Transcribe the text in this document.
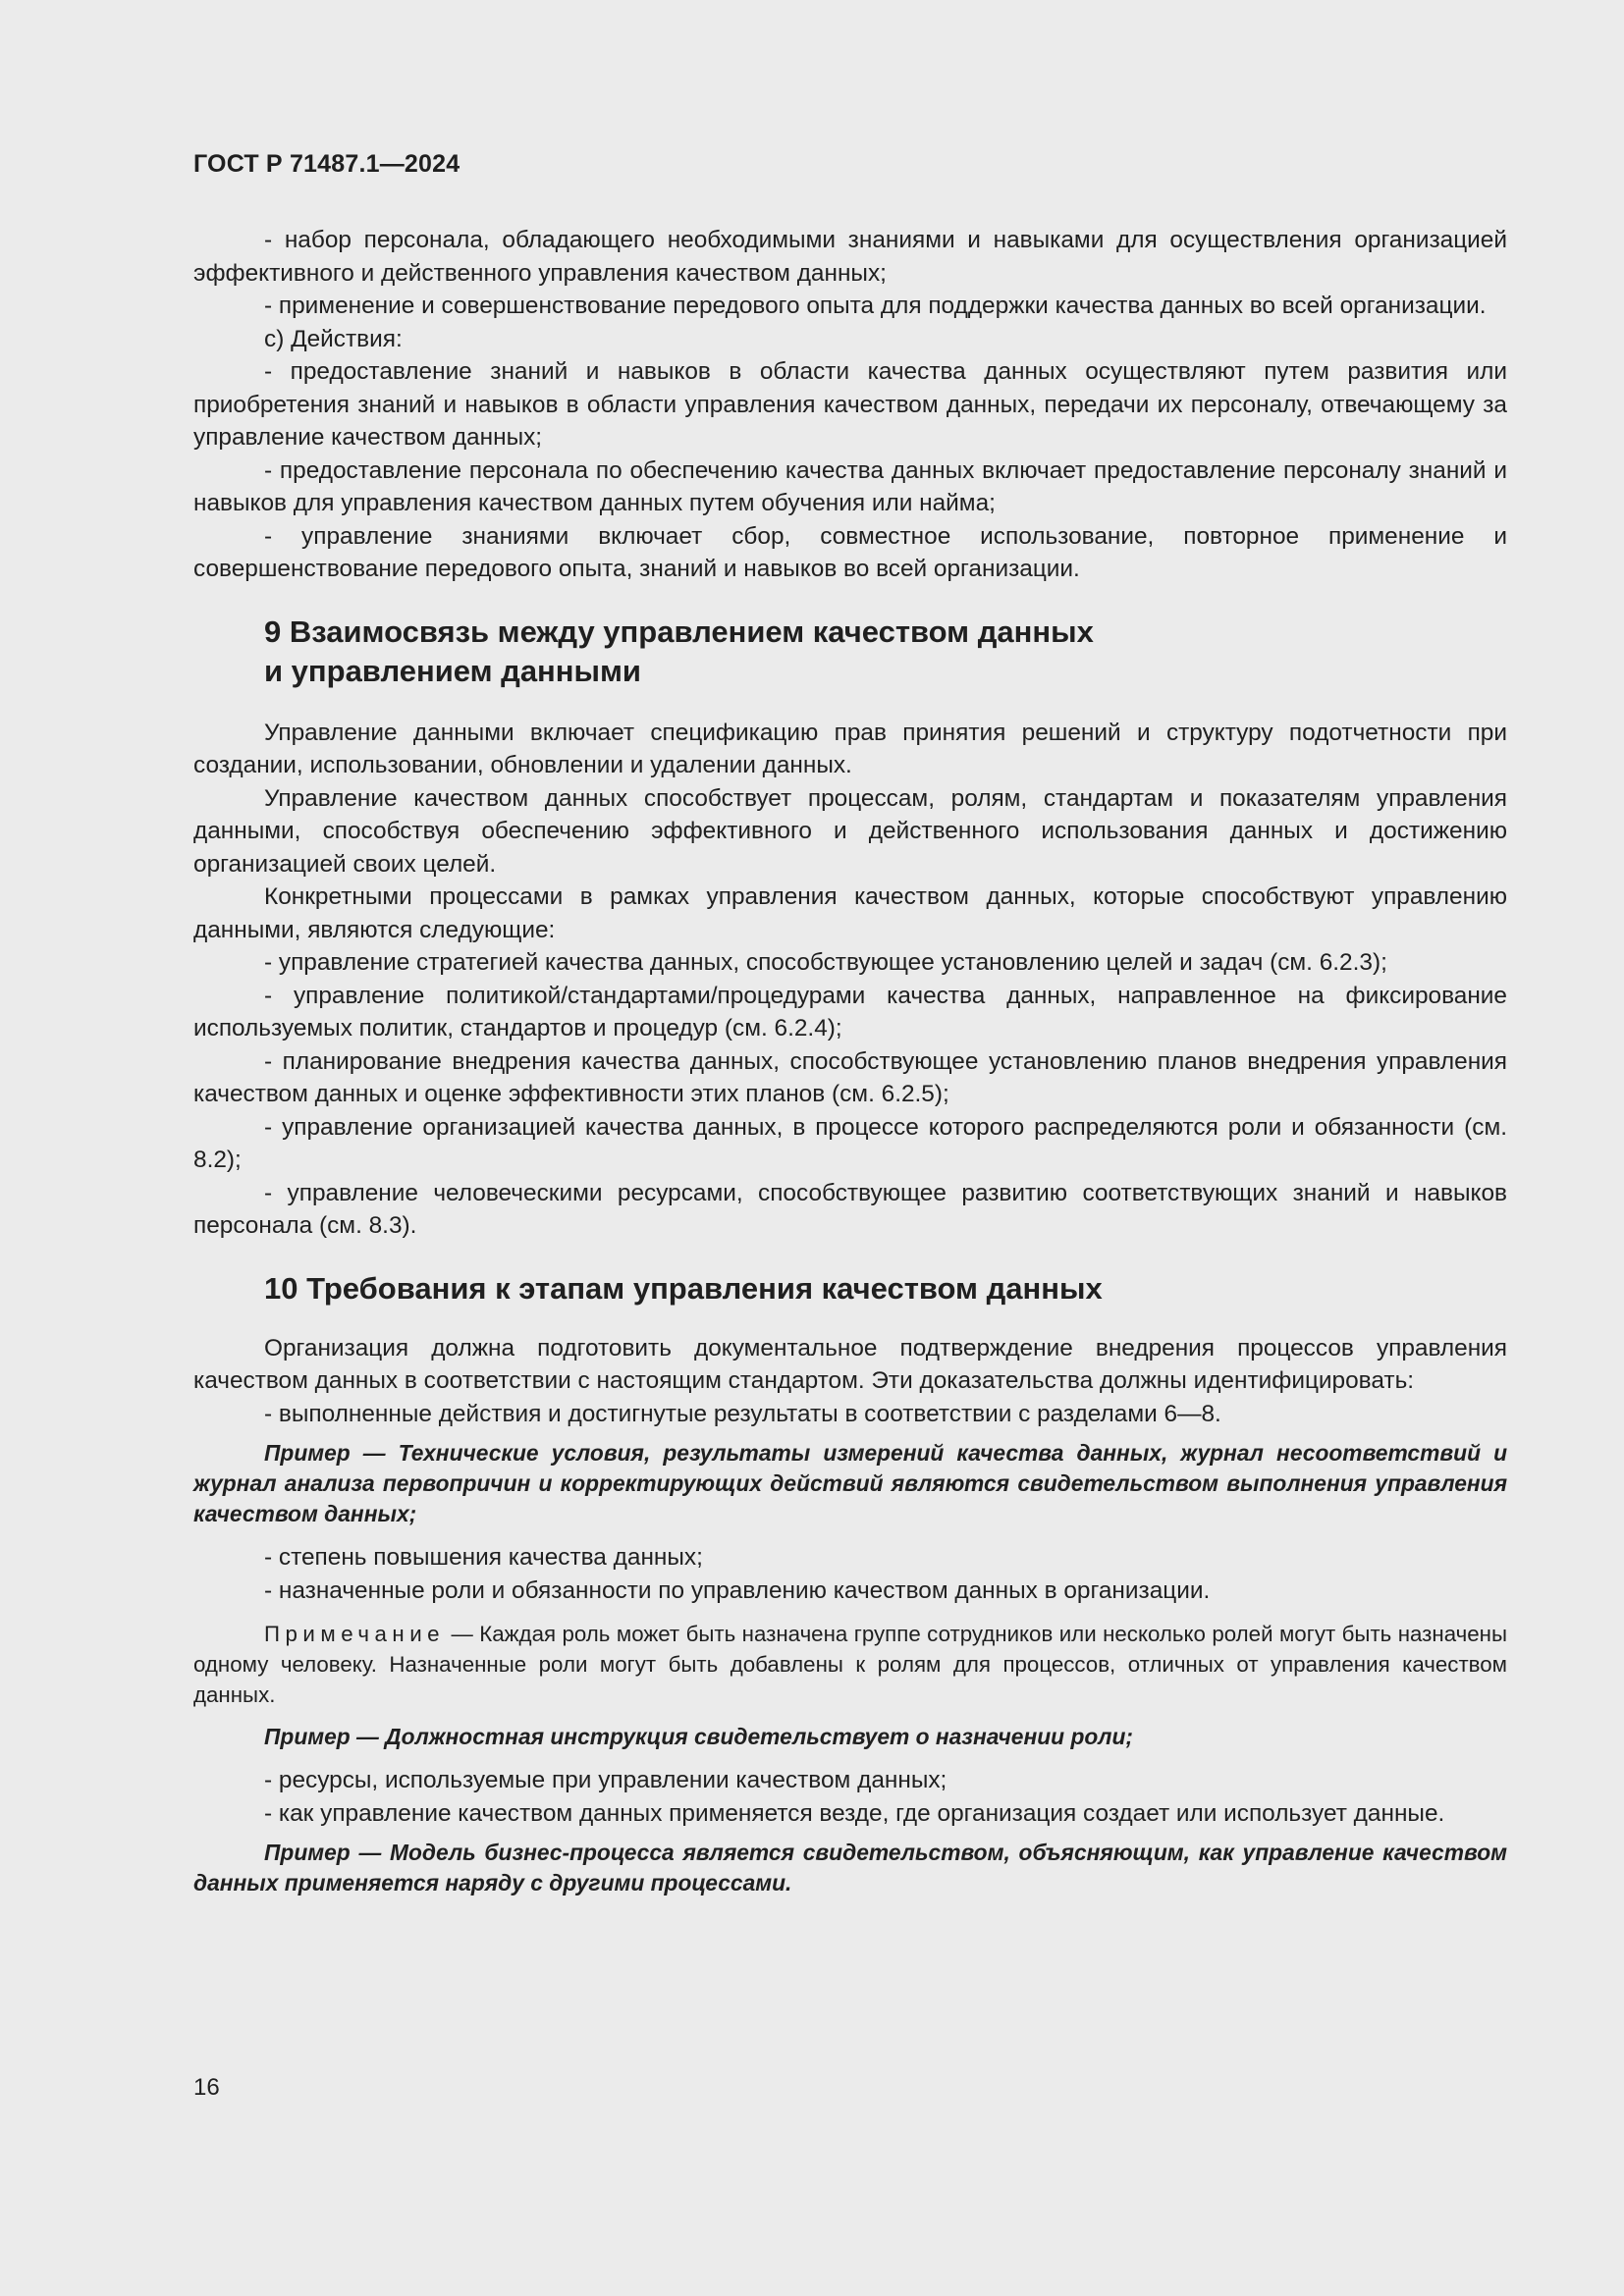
ГОСТ Р 71487.1—2024

- набор персонала, обладающего необходимыми знаниями и навыками для осуществления организацией эффективного и действенного управления качеством данных;

- применение и совершенствование передового опыта для поддержки качества данных во всей организации.

c) Действия:

- предоставление знаний и навыков в области качества данных осуществляют путем развития или приобретения знаний и навыков в области управления качеством данных, передачи их персоналу, отвечающему за управление качеством данных;

- предоставление персонала по обеспечению качества данных включает предоставление персоналу знаний и навыков для управления качеством данных путем обучения или найма;

- управление знаниями включает сбор, совместное использование, повторное применение и совершенствование передового опыта, знаний и навыков во всей организации.

9 Взаимосвязь между управлением качеством данных
и управлением данными

Управление данными включает спецификацию прав принятия решений и структуру подотчетности при создании, использовании, обновлении и удалении данных.

Управление качеством данных способствует процессам, ролям, стандартам и показателям управления данными, способствуя обеспечению эффективного и действенного использования данных и достижению организацией своих целей.

Конкретными процессами в рамках управления качеством данных, которые способствуют управлению данными, являются следующие:

- управление стратегией качества данных, способствующее установлению целей и задач (см. 6.2.3);

- управление политикой/стандартами/процедурами качества данных, направленное на фиксирование используемых политик, стандартов и процедур (см. 6.2.4);

- планирование внедрения качества данных, способствующее установлению планов внедрения управления качеством данных и оценке эффективности этих планов (см. 6.2.5);

- управление организацией качества данных, в процессе которого распределяются роли и обязанности (см. 8.2);

- управление человеческими ресурсами, способствующее развитию соответствующих знаний и навыков персонала (см. 8.3).

10 Требования к этапам управления качеством данных

Организация должна подготовить документальное подтверждение внедрения процессов управления качеством данных в соответствии с настоящим стандартом. Эти доказательства должны идентифицировать:

- выполненные действия и достигнутые результаты в соответствии с разделами 6—8.

Пример — Технические условия, результаты измерений качества данных, журнал несоответствий и журнал анализа первопричин и корректирующих действий являются свидетельством выполнения управления качеством данных;

- степень повышения качества данных;

- назначенные роли и обязанности по управлению качеством данных в организации.

Примечание — Каждая роль может быть назначена группе сотрудников или несколько ролей могут быть назначены одному человеку. Назначенные роли могут быть добавлены к ролям для процессов, отличных от управления качеством данных.

Пример — Должностная инструкция свидетельствует о назначении роли;

- ресурсы, используемые при управлении качеством данных;

- как управление качеством данных применяется везде, где организация создает или использует данные.

Пример — Модель бизнес-процесса является свидетельством, объясняющим, как управление качеством данных применяется наряду с другими процессами.

16
